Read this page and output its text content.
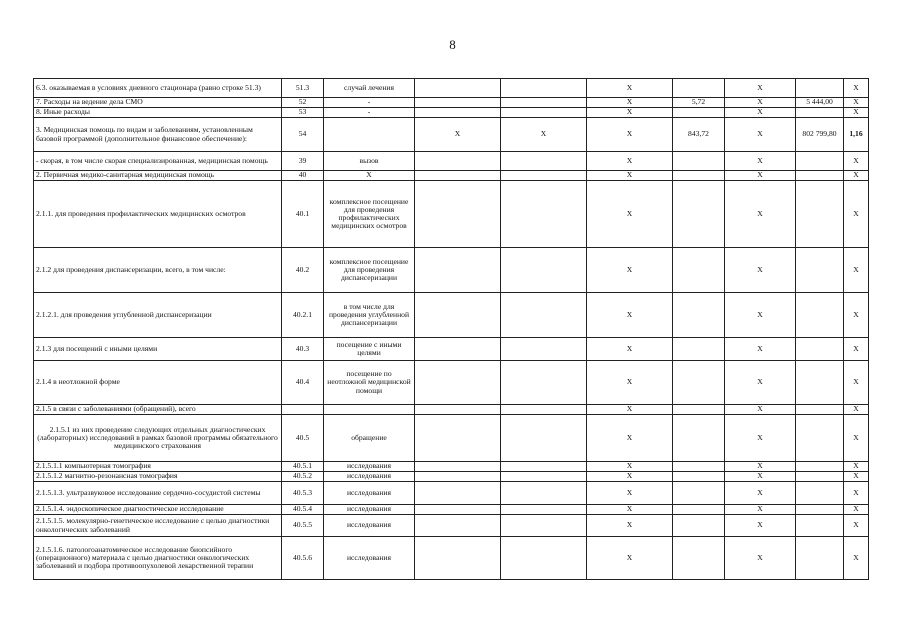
8
6.3. оказываемая в условиях дневного стационара (равно строке 51.3)	51.3	случай лечения			X		X		X
7. Расходы на ведение дела СМО	52	-			X	5,72	X	5 444,00	X
8. Иные расходы	53	-			X		X		X
3. Медицинская помощь по видам и заболеваниям, установленным базовой программой (дополнительное финансовое обеспечение):	54		X	X	X	843,72	X	802 799,80	1,16
- скорая, в том числе скорая специализированная, медицинская помощь	39	вызов			X		X		X
2. Первичная медико-санитарная медицинская помощь	40	X			X		X		X
2.1.1. для проведения профилактических медицинских осмотров	40.1	комплексное посещение для проведения профилактических медицинских осмотров			X		X		X
2.1.2 для проведения диспансеризации, всего, в том числе:	40.2	комплексное посещение для проведения диспансеризации			X		X		X
2.1.2.1. для проведения углубленной диспансеризации	40.2.1	в том числе для проведения углубленной диспансеризации			X		X		X
2.1.3 для посещений с иными целями	40.3	посещение с иными целями			X		X		X
2.1.4 в неотложной форме	40.4	посещение по неотложной медицинской помощи			X		X		X
2.1.5 в связи с заболеваниями (обращений), всего					X		X		X
2.1.5.1 из них проведение следующих отдельных диагностических (лабораторных) исследований в рамках базовой программы обязательного медицинского страхования	40.5	обращение			X		X		X
2.1.5.1.1 компьютерная томография	40.5.1	исследования			X		X		X
2.1.5.1.2 магнитно-резонансная томография	40.5.2	исследования			X		X		X
2.1.5.1.3. ультразвуковое исследование сердечно-сосудистой системы	40.5.3	исследования			X		X		X
2.1.5.1.4. эндоскопическое диагностическое исследование	40.5.4	исследования			X		X		X
2.1.5.1.5. молекулярно-генетическое исследование с целью диагностики онкологических заболеваний	40.5.5	исследования			X		X		X
2.1.5.1.6. патологоанатомическое исследование биопсийного (операционного) материала с целью диагностики онкологических заболеваний и подбора противоопухолевой лекарственной терапии	40.5.6	исследования			X		X		X
